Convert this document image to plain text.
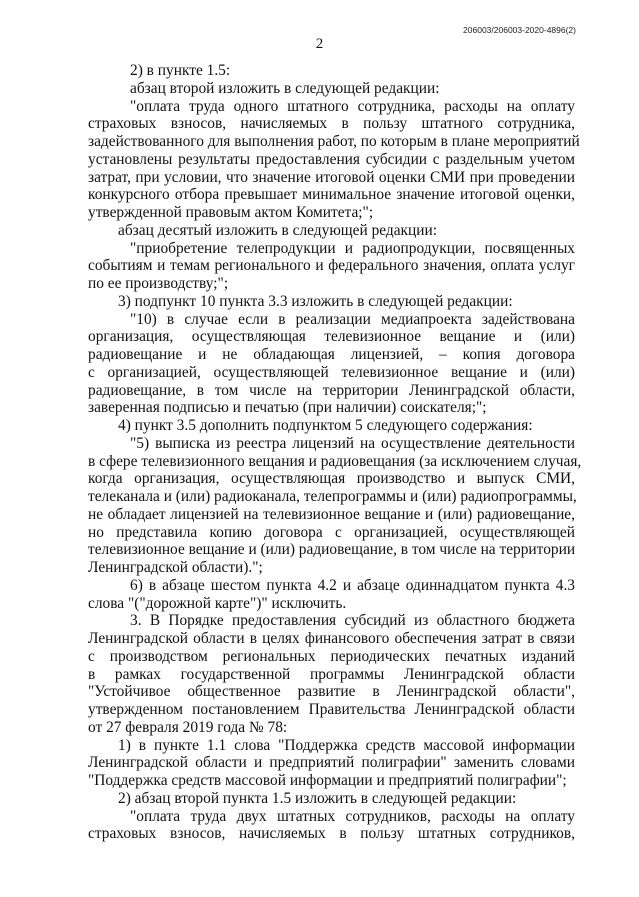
206003/206003-2020-4896(2)
2
2) в пункте 1.5:
абзац второй изложить в следующей редакции:
"оплата труда одного штатного сотрудника, расходы на оплату
страховых взносов, начисляемых в пользу штатного сотрудника,
задействованного для выполнения работ, по которым в плане мероприятий
установлены результаты предоставления субсидии с раздельным учетом
затрат, при условии, что значение итоговой оценки СМИ при проведении
конкурсного отбора превышает минимальное значение итоговой оценки,
утвержденной правовым актом Комитета;";
абзац десятый изложить в следующей редакции:
"приобретение телепродукции и радиопродукции, посвященных
событиям и темам регионального и федерального значения, оплата услуг
по ее производству;";
3) подпункт 10 пункта 3.3 изложить в следующей редакции:
"10) в случае если в реализации медиапроекта задействована
организация, осуществляющая телевизионное вещание и (или)
радиовещание и не обладающая лицензией, – копия договора
с организацией, осуществляющей телевизионное вещание и (или)
радиовещание, в том числе на территории Ленинградской области,
заверенная подписью и печатью (при наличии) соискателя;";
4) пункт 3.5 дополнить подпунктом 5 следующего содержания:
"5) выписка из реестра лицензий на осуществление деятельности
в сфере телевизионного вещания и радиовещания (за исключением случая,
когда организация, осуществляющая производство и выпуск СМИ,
телеканала и (или) радиоканала, телепрограммы и (или) радиопрограммы,
не обладает лицензией на телевизионное вещание и (или) радиовещание,
но представила копию договора с организацией, осуществляющей
телевизионное вещание и (или) радиовещание, в том числе на территории
Ленинградской области).";
6) в абзаце шестом пункта 4.2 и абзаце одиннадцатом пункта 4.3
слова "("дорожной карте")" исключить.
3. В Порядке предоставления субсидий из областного бюджета
Ленинградской области в целях финансового обеспечения затрат в связи
с производством региональных периодических печатных изданий
в рамках государственной программы Ленинградской области
"Устойчивое общественное развитие в Ленинградской области",
утвержденном постановлением Правительства Ленинградской области
от 27 февраля 2019 года № 78:
1) в пункте 1.1 слова "Поддержка средств массовой информации
Ленинградской области и предприятий полиграфии" заменить словами
"Поддержка средств массовой информации и предприятий полиграфии";
2) абзац второй пункта 1.5 изложить в следующей редакции:
"оплата труда двух штатных сотрудников, расходы на оплату
страховых взносов, начисляемых в пользу штатных сотрудников,
